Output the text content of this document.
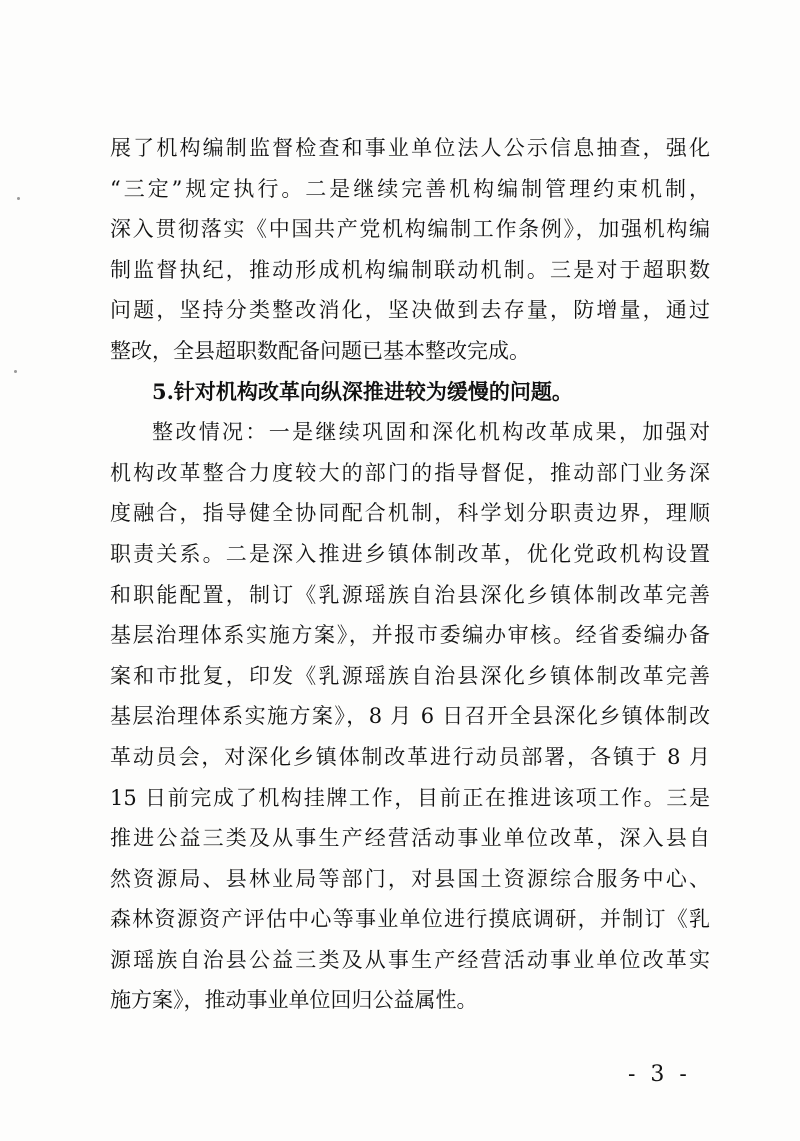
展了机构编制监督检查和事业单位法人公示信息抽查，强化
“三定”规定执行。二是继续完善机构编制管理约束机制，
深入贯彻落实《中国共产党机构编制工作条例》，加强机构编
制监督执纪，推动形成机构编制联动机制。三是对于超职数
问题，坚持分类整改消化，坚决做到去存量，防增量，通过
整改，全县超职数配备问题已基本整改完成。
5.针对机构改革向纵深推进较为缓慢的问题。
整改情况：一是继续巩固和深化机构改革成果，加强对
机构改革整合力度较大的部门的指导督促，推动部门业务深
度融合，指导健全协同配合机制，科学划分职责边界，理顺
职责关系。二是深入推进乡镇体制改革，优化党政机构设置
和职能配置，制订《乳源瑶族自治县深化乡镇体制改革完善
基层治理体系实施方案》，并报市委编办审核。经省委编办备
案和市批复，印发《乳源瑶族自治县深化乡镇体制改革完善
基层治理体系实施方案》，8 月 6 日召开全县深化乡镇体制改
革动员会，对深化乡镇体制改革进行动员部署，各镇于 8 月
15 日前完成了机构挂牌工作，目前正在推进该项工作。三是
推进公益三类及从事生产经营活动事业单位改革，深入县自
然资源局、县林业局等部门，对县国土资源综合服务中心、
森林资源资产评估中心等事业单位进行摸底调研，并制订《乳
源瑶族自治县公益三类及从事生产经营活动事业单位改革实
施方案》，推动事业单位回归公益属性。
- 3 -
